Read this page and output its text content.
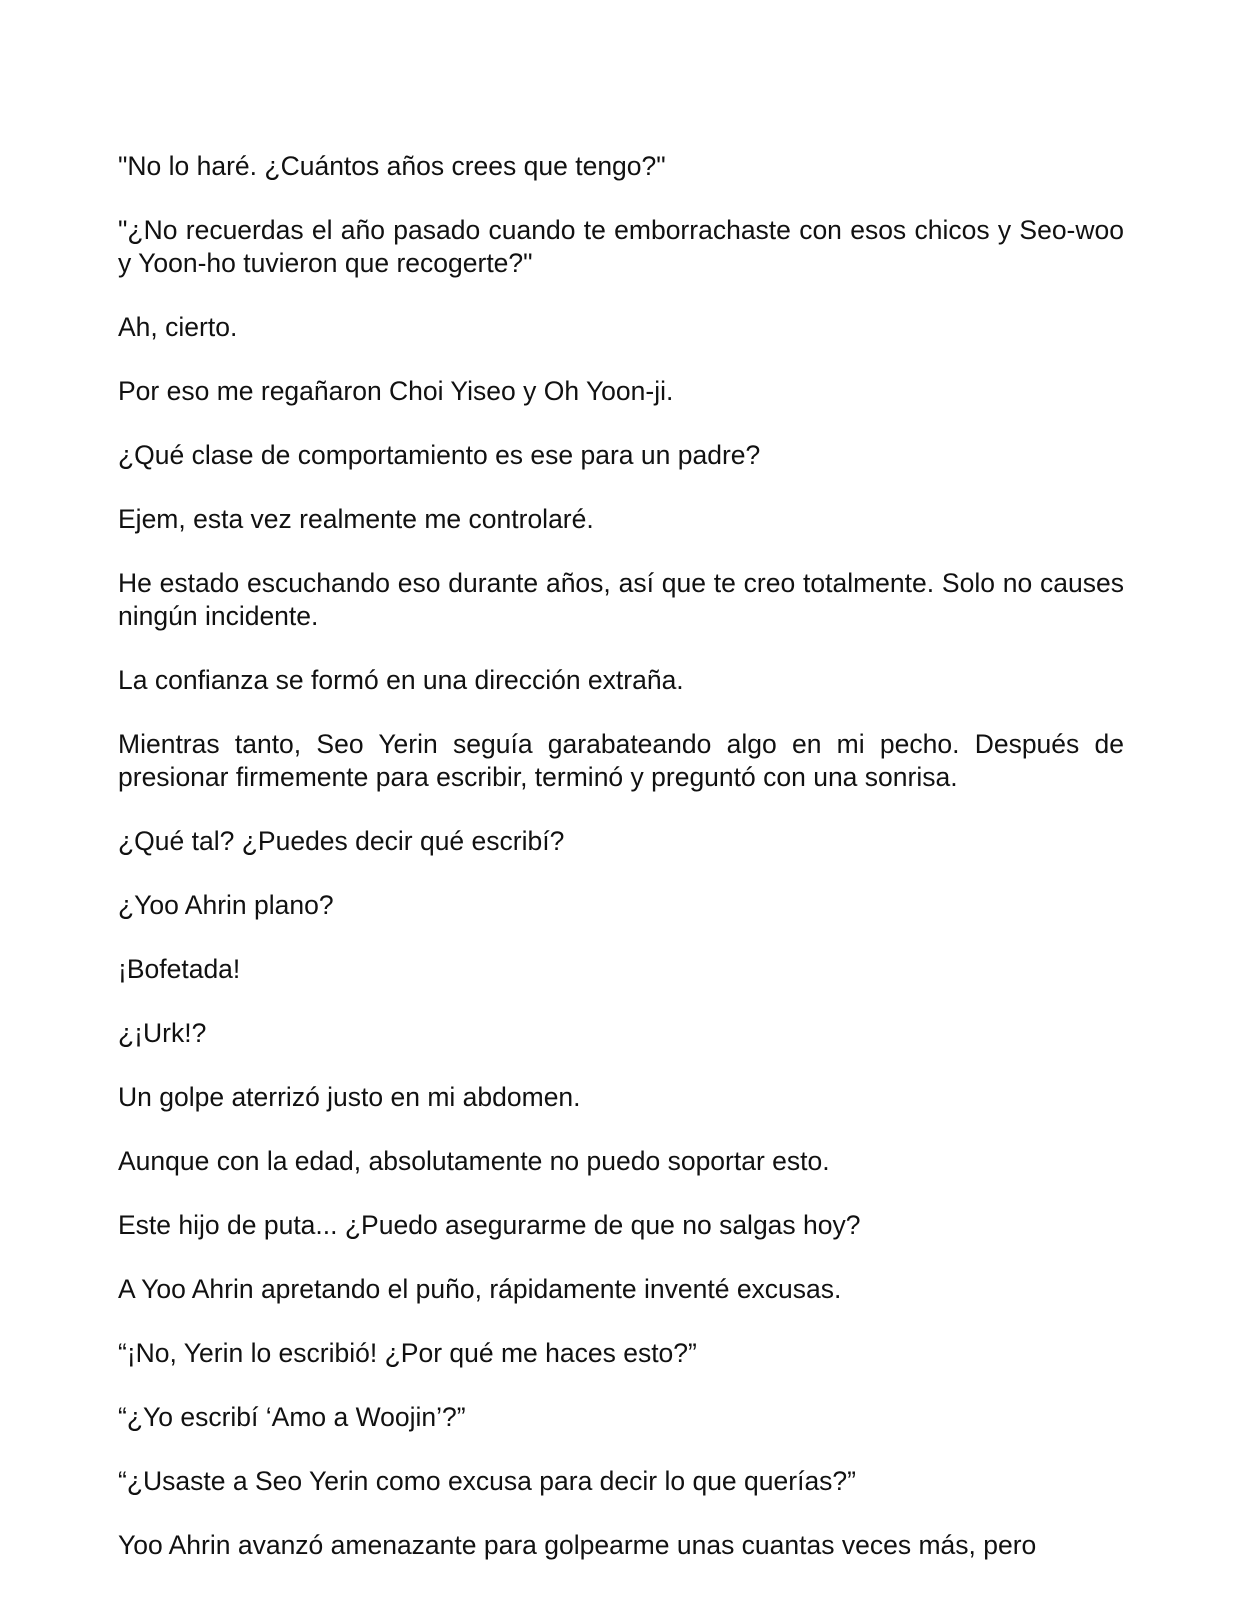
"No lo haré. ¿Cuántos años crees que tengo?"

"¿No recuerdas el año pasado cuando te emborrachaste con esos chicos y Seo-woo y Yoon-ho tuvieron que recogerte?"

Ah, cierto.

Por eso me regañaron Choi Yiseo y Oh Yoon-ji.

¿Qué clase de comportamiento es ese para un padre?

Ejem, esta vez realmente me controlaré.

He estado escuchando eso durante años, así que te creo totalmente. Solo no causes ningún incidente.

La confianza se formó en una dirección extraña.

Mientras tanto, Seo Yerin seguía garabateando algo en mi pecho. Después de presionar firmemente para escribir, terminó y preguntó con una sonrisa.

¿Qué tal? ¿Puedes decir qué escribí?

¿Yoo Ahrin plano?

¡Bofetada!

¿¡Urk!?

Un golpe aterrizó justo en mi abdomen.

Aunque con la edad, absolutamente no puedo soportar esto.

Este hijo de puta... ¿Puedo asegurarme de que no salgas hoy?

A Yoo Ahrin apretando el puño, rápidamente inventé excusas.

“¡No, Yerin lo escribió! ¿Por qué me haces esto?”

“¿Yo escribí ‘Amo a Woojin’?”

“¿Usaste a Seo Yerin como excusa para decir lo que querías?”

Yoo Ahrin avanzó amenazante para golpearme unas cuantas veces más, pero
